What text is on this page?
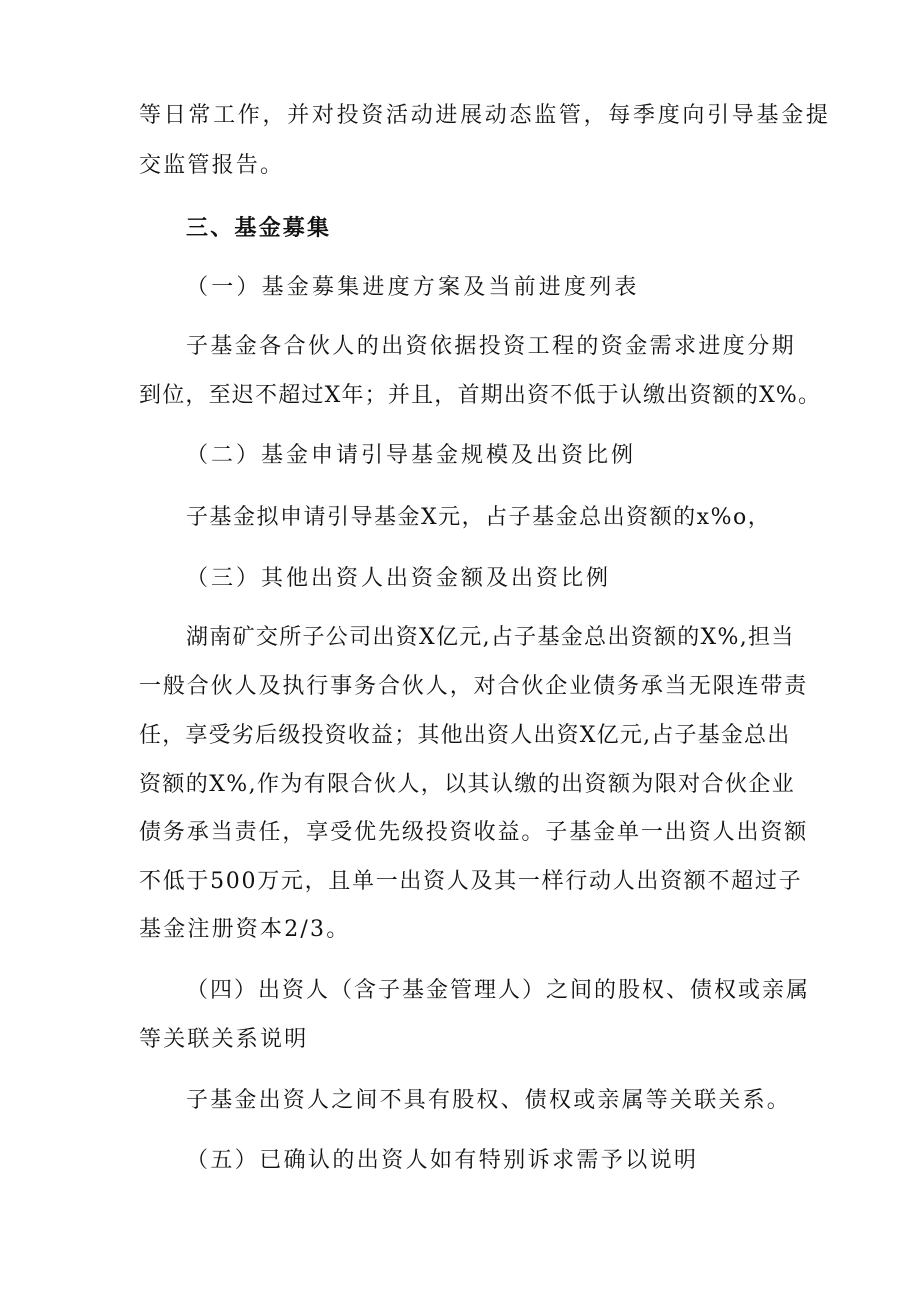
等日常工作，并对投资活动进展动态监管，每季度向引导基金提
交监管报告。
三、基金募集
（一）基金募集进度方案及当前进度列表
子基金各合伙人的出资依据投资工程的资金需求进度分期
到位，至迟不超过X年；并且，首期出资不低于认缴出资额的X%。
（二）基金申请引导基金规模及出资比例
子基金拟申请引导基金X元，占子基金总出资额的x%o，
（三）其他出资人出资金额及出资比例
湖南矿交所子公司出资X亿元,占子基金总出资额的X%,担当
一般合伙人及执行事务合伙人，对合伙企业债务承当无限连带责
任，享受劣后级投资收益；其他出资人出资X亿元,占子基金总出
资额的X%,作为有限合伙人，以其认缴的出资额为限对合伙企业
债务承当责任，享受优先级投资收益。子基金单一出资人出资额
不低于500万元，且单一出资人及其一样行动人出资额不超过子
基金注册资本2/3。
（四）出资人（含子基金管理人）之间的股权、债权或亲属
等关联关系说明
子基金出资人之间不具有股权、债权或亲属等关联关系。
（五）已确认的出资人如有特别诉求需予以说明
